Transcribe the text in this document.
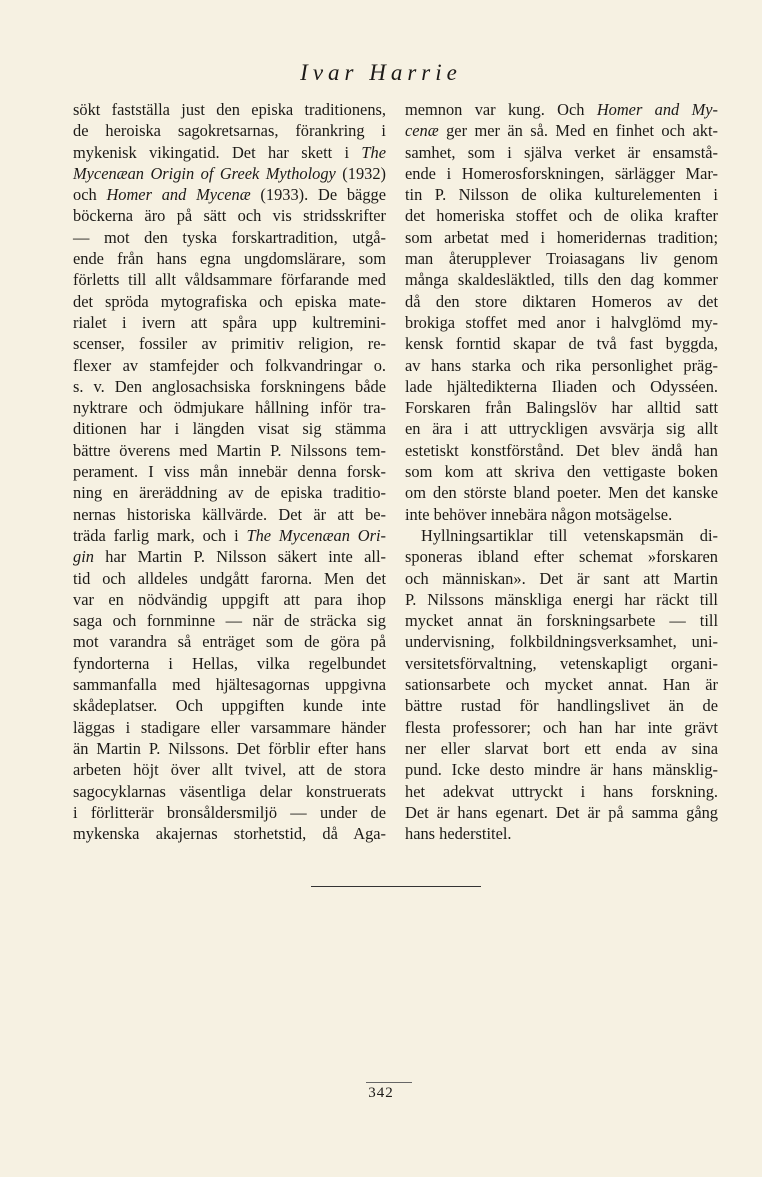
Ivar Harrie
sökt fastställa just den episka traditionens,
de heroiska sagokretsarnas, förankring i
mykenisk vikingatid. Det har skett i The
Mycenæan Origin of Greek Mythology (1932)
och Homer and Mycenæ (1933). De bägge
böckerna äro på sätt och vis stridsskrifter
— mot den tyska forskartradition, utgå-
ende från hans egna ungdomslärare, som
förletts till allt våldsammare förfarande med
det spröda mytografiska och episka mate-
rialet i ivern att spåra upp kultremini-
scenser, fossiler av primitiv religion, re-
flexer av stamfejder och folkvandringar o.
s. v. Den anglosachsiska forskningens både
nyktrare och ödmjukare hållning inför tra-
ditionen har i längden visat sig stämma
bättre överens med Martin P. Nilssons tem-
perament. I viss mån innebär denna forsk-
ning en äreräddning av de episka traditio-
nernas historiska källvärde. Det är att be-
träda farlig mark, och i The Mycenæan Ori-
gin har Martin P. Nilsson säkert inte all-
tid och alldeles undgått farorna. Men det
var en nödvändig uppgift att para ihop
saga och fornminne — när de sträcka sig
mot varandra så enträget som de göra på
fyndorterna i Hellas, vilka regelbundet
sammanfalla med hjältesagornas uppgivna
skådeplatser. Och uppgiften kunde inte
läggas i stadigare eller varsammare händer
än Martin P. Nilssons. Det förblir efter hans
arbeten höjt över allt tvivel, att de stora
sagocyklarnas väsentliga delar konstruerats
i förlitterär bronsåldersmiljö — under de
mykenska akajernas storhetstid, då Aga-
memnon var kung. Och Homer and My-
cenæ ger mer än så. Med en finhet och akt-
samhet, som i själva verket är ensamstå-
ende i Homerosforskningen, särlägger Mar-
tin P. Nilsson de olika kulturelementen i
det homeriska stoffet och de olika krafter
som arbetat med i homeridernas tradition;
man återupplever Troiasagans liv genom
många skaldesläktled, tills den dag kommer
då den store diktaren Homeros av det
brokiga stoffet med anor i halvglömd my-
kensk forntid skapar de två fast byggda,
av hans starka och rika personlighet präg-
lade hjältedikterna Iliaden och Odysséen.
Forskaren från Balingslöv har alltid satt
en ära i att uttryckligen avsvärja sig allt
estetiskt konstförstånd. Det blev ändå han
som kom att skriva den vettigaste boken
om den störste bland poeter. Men det kanske
inte behöver innebära någon motsägelse.
Hyllningsartiklar till vetenskapsmän di-
sponeras ibland efter schemat »forskaren
och människan». Det är sant att Martin
P. Nilssons mänskliga energi har räckt till
mycket annat än forskningsarbete — till
undervisning, folkbildningsverksamhet, uni-
versitetsförvaltning, vetenskapligt organi-
sationsarbete och mycket annat. Han är
bättre rustad för handlingslivet än de
flesta professorer; och han har inte grävt
ner eller slarvat bort ett enda av sina
pund. Icke desto mindre är hans mänsklig-
het adekvat uttryckt i hans forskning.
Det är hans egenart. Det är på samma gång
hans hederstitel.
342
